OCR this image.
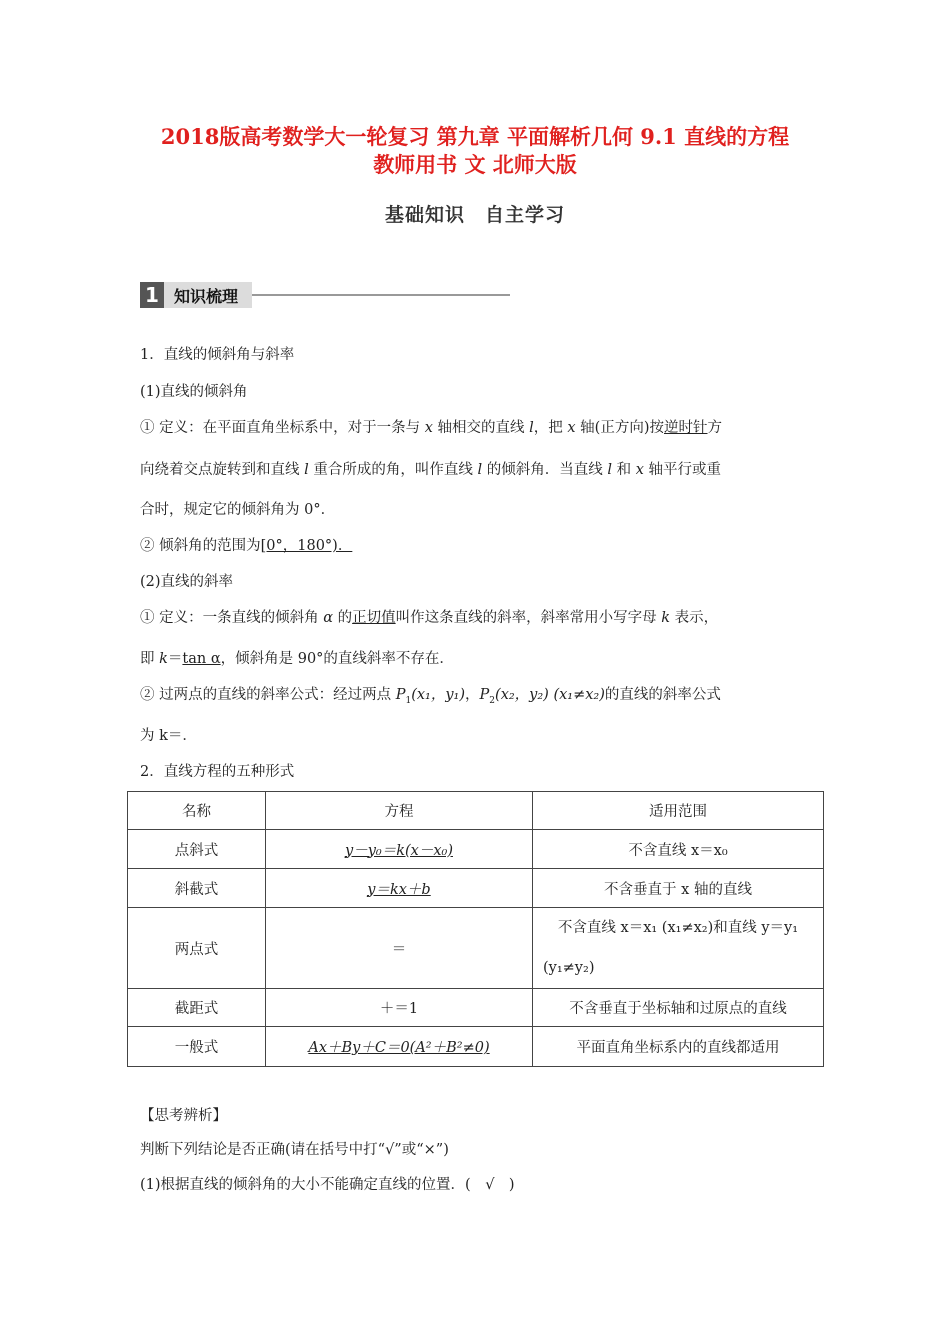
2018版高考数学大一轮复习 第九章 平面解析几何 9.1 直线的方程
教师用书 文 北师大版
基础知识　自主学习
1 知识梳理
1．直线的倾斜角与斜率
(1)直线的倾斜角
① 定义：在平面直角坐标系中，对于一条与 x 轴相交的直线 l，把 x 轴(正方向)按逆时针方
向绕着交点旋转到和直线 l 重合所成的角，叫作直线 l 的倾斜角．当直线 l 和 x 轴平行或重
合时，规定它的倾斜角为 0°．
② 倾斜角的范围为[0°，180°)．
(2)直线的斜率
① 定义：一条直线的倾斜角 α 的正切值叫作这条直线的斜率，斜率常用小写字母 k 表示，
即 k＝tan α，倾斜角是 90°的直线斜率不存在．
② 过两点的直线的斜率公式：经过两点 $P_1(x_1$，y₁)，$P_2(x_2$，y₂) (x₁≠x₂)的直线的斜率公式
为 k＝．
2．直线方程的五种形式
名称	方程	适用范围
点斜式	y－y₀＝k(x－x₀)	不含直线 x＝x₀
斜截式	y＝kx＋b	不含垂直于 x 轴的直线
两点式	＝	不含直线 x＝x₁ (x₁≠x₂)和直线 y＝y₁
(y₁≠y₂)

截距式	＋＝1	不含垂直于坐标轴和过原点的直线
一般式	Ax＋By＋C＝0(A²＋B²≠0)	平面直角坐标系内的直线都适用
【思考辨析】
判断下列结论是否正确(请在括号中打“√”或“×”)
(1)根据直线的倾斜角的大小不能确定直线的位置．(　√　)
